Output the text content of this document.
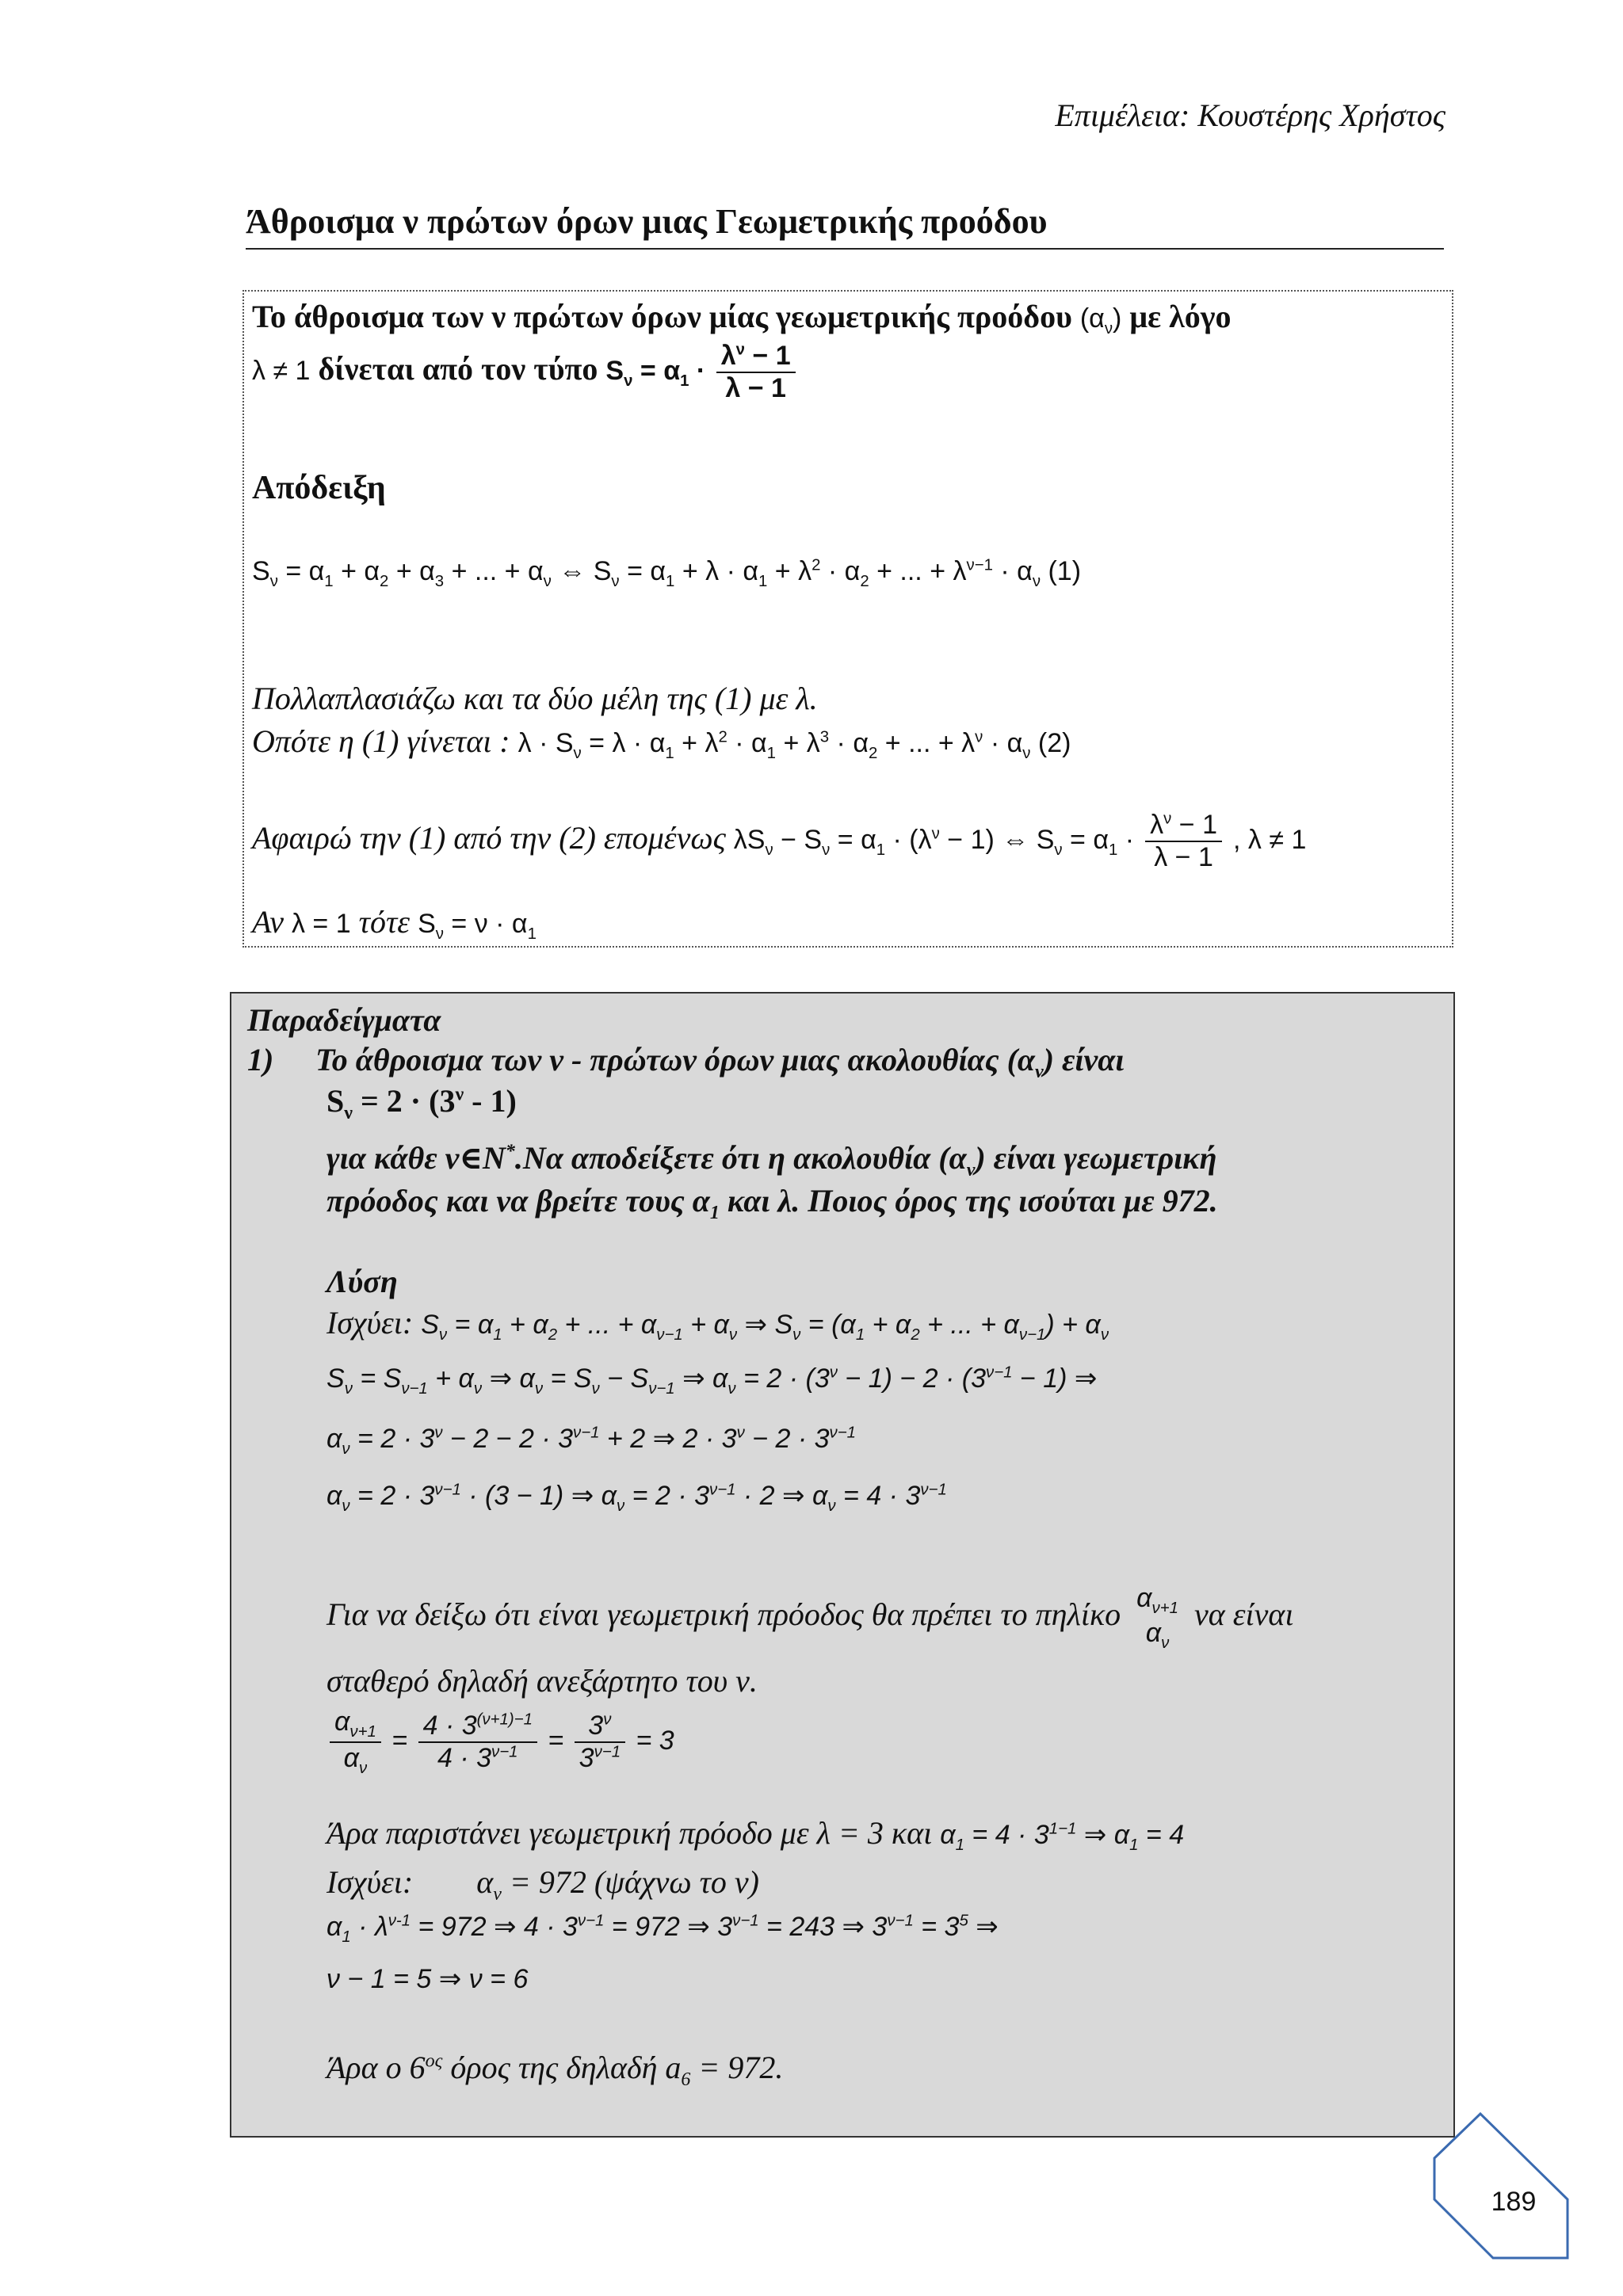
Επιμέλεια: Κουστέρης Χρήστος
Άθροισμα ν πρώτων όρων μιας Γεωμετρικής προόδου
Το άθροισμα των ν πρώτων όρων μίας γεωμετρικής προόδου $(\alpha_\nu)$ με λόγο
λ ≠ 1 δίνεται από τον τύπο $S_\nu = \alpha_1 \cdot \frac{\lambda^\nu - 1}{\lambda - 1}$
Απόδειξη
$S_\nu = \alpha_1 + \alpha_2 + \alpha_3$ + ... + $\alpha_\nu$ ⇔ $S_\nu = \alpha_1 + \lambda \cdot \alpha_1 + \lambda^2 \cdot \alpha_2$ + ... + $\lambda^{\nu-1} \cdot \alpha_\nu$ (1)
Πολλαπλασιάζω και τα δύο μέλη της (1) με λ.
Οπότε η (1) γίνεται : $\lambda \cdot S_\nu = \lambda \cdot \alpha_1 + \lambda^2 \cdot \alpha_1 + \lambda^3 \cdot \alpha_2$ + ... + $\lambda^\nu \cdot \alpha_\nu$ (2)
Αφαιρώ την (1) από την (2) επομένως $\lambda S_\nu - S_\nu = \alpha_1 \cdot (\lambda^\nu - 1)$ ⇔ $S_\nu = \alpha_1 \cdot \frac{\lambda^\nu - 1}{\lambda - 1}$ , λ ≠ 1
Αν λ = 1 τότε $S_\nu = \nu \cdot \alpha_1$
Παραδείγματα
1) Το άθροισμα των ν - πρώτων όρων μιας ακολουθίας $(\alpha_\nu)$ είναι
$S_\nu = 2 \cdot (3^\nu - 1)$
για κάθε ν∈N*.Να αποδείξετε ότι η ακολουθία $(\alpha_\nu)$ είναι γεωμετρική
πρόοδος και να βρείτε τους $\alpha_1$ και λ. Ποιος όρος της ισούται με 972.
Λύση
Ισχύει: $S_\nu = \alpha_1 + \alpha_2$ + ... + $\alpha_{\nu-1} + \alpha_\nu$ ⇒ $S_\nu = (\alpha_1 + \alpha_2$ + ... + $\alpha_{\nu-1}) + \alpha_\nu$
$S_\nu = S_{\nu-1} + \alpha_\nu$ ⇒ $\alpha_\nu = S_\nu - S_{\nu-1}$ ⇒ $\alpha_\nu = 2 \cdot (3^\nu - 1) - 2 \cdot (3^{\nu-1} - 1)$ ⇒
$\alpha_\nu = 2 \cdot 3^\nu - 2 - 2 \cdot 3^{\nu-1} + 2$ ⇒ $2 \cdot 3^\nu - 2 \cdot 3^{\nu-1}$
$\alpha_\nu = 2 \cdot 3^{\nu-1} \cdot (3 - 1)$ ⇒ $\alpha_\nu = 2 \cdot 3^{\nu-1} \cdot 2$ ⇒ $\alpha_\nu = 4 \cdot 3^{\nu-1}$
Για να δείξω ότι είναι γεωμετρική πρόοδος θα πρέπει το πηλίκο $\alpha_{\nu+1}$
$\alpha_\nu$
να είναι
σταθερό δηλαδή ανεξάρτητο του ν.
$\frac{\alpha_{\nu+1}}{\alpha_\nu} = \frac{4 \cdot 3^{(\nu+1)-1}}{4 \cdot 3^{\nu-1}} = \frac{3^\nu}{3^{\nu-1}} = 3$
Άρα παριστάνει γεωμετρική πρόοδο με λ = 3 και $\alpha_1 = 4 \cdot 3^{1-1}$ ⇒ $\alpha_1 = 4$
Ισχύει:        $\alpha_\nu = 972$ (ψάχνω το ν)
$\alpha_1 \cdot \lambda^{\nu-1} = 972$ ⇒ $4 \cdot 3^{\nu-1} = 972$ ⇒ $3^{\nu-1} = 243$ ⇒ $3^{\nu-1} = 3^5$ ⇒
ν − 1 = 5 ⇒ ν = 6
Άρα ο $6^{o\varsigma}$ όρος της δηλαδή $a_6 = 972$.
189
